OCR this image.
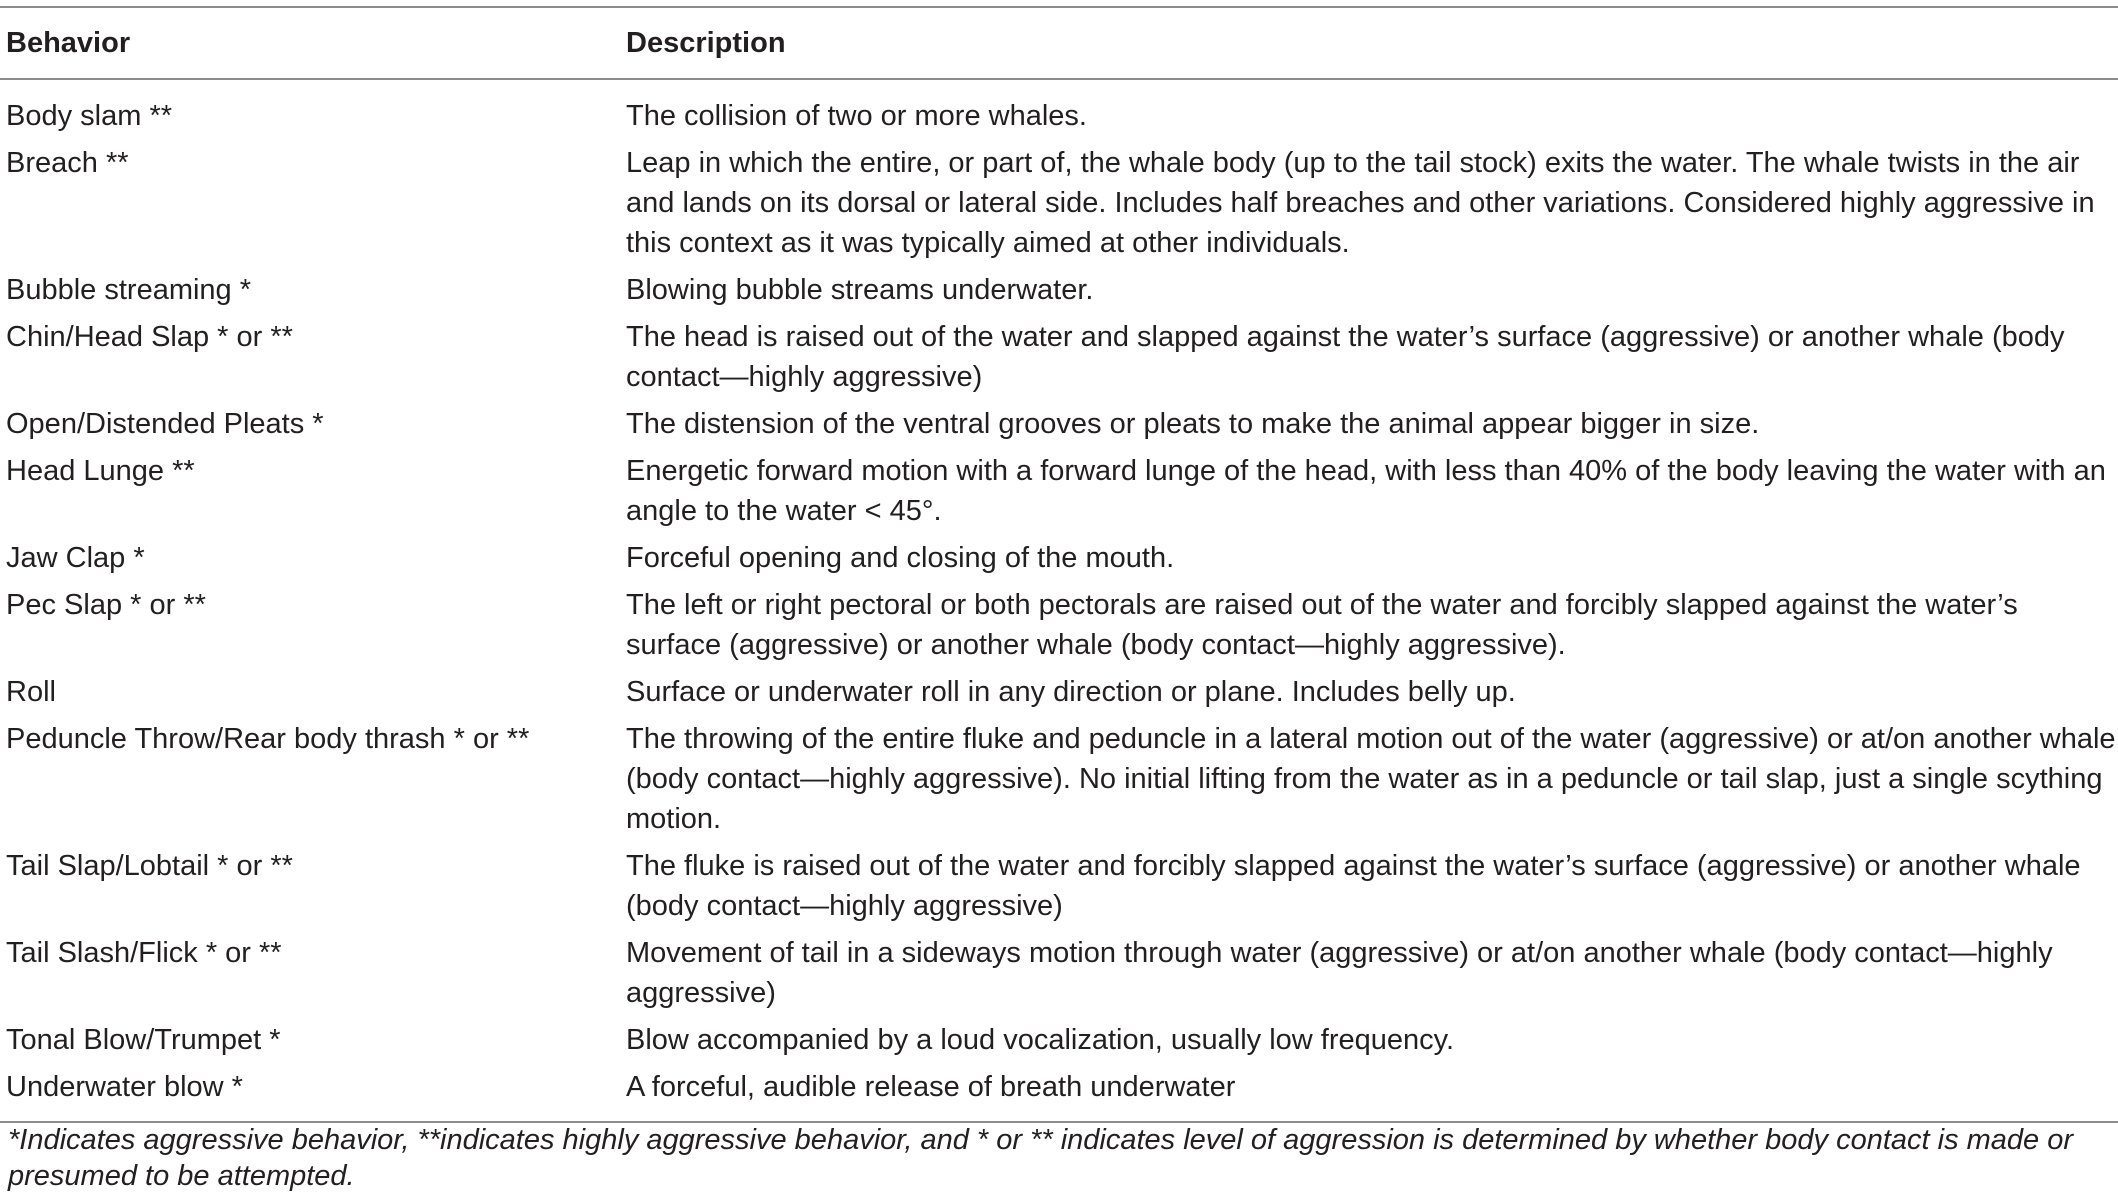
Behavior	Description
Body slam **	The collision of two or more whales.
Breach **	Leap in which the entire, or part of, the whale body (up to the tail stock) exits the water. The whale twists in the air and lands on its dorsal or lateral side. Includes half breaches and other variations. Considered highly aggressive in this context as it was typically aimed at other individuals.
Bubble streaming *	Blowing bubble streams underwater.
Chin/Head Slap * or **	The head is raised out of the water and slapped against the water’s surface (aggressive) or another whale (body contact—highly aggressive)
Open/Distended Pleats *	The distension of the ventral grooves or pleats to make the animal appear bigger in size.
Head Lunge **	Energetic forward motion with a forward lunge of the head, with less than 40% of the body leaving the water with an angle to the water < 45°.
Jaw Clap *	Forceful opening and closing of the mouth.
Pec Slap * or **	The left or right pectoral or both pectorals are raised out of the water and forcibly slapped against the water’s surface (aggressive) or another whale (body contact—highly aggressive).
Roll	Surface or underwater roll in any direction or plane. Includes belly up.
Peduncle Throw/Rear body thrash * or **	The throwing of the entire fluke and peduncle in a lateral motion out of the water (aggressive) or at/on another whale (body contact—highly aggressive). No initial lifting from the water as in a peduncle or tail slap, just a single scything motion.
Tail Slap/Lobtail * or **	The fluke is raised out of the water and forcibly slapped against the water’s surface (aggressive) or another whale (body contact—highly aggressive)
Tail Slash/Flick * or **	Movement of tail in a sideways motion through water (aggressive) or at/on another whale (body contact—highly aggressive)
Tonal Blow/Trumpet *	Blow accompanied by a loud vocalization, usually low frequency.
Underwater blow *	A forceful, audible release of breath underwater
*Indicates aggressive behavior, **indicates highly aggressive behavior, and * or ** indicates level of aggression is determined by whether body contact is made or presumed to be attempted.
